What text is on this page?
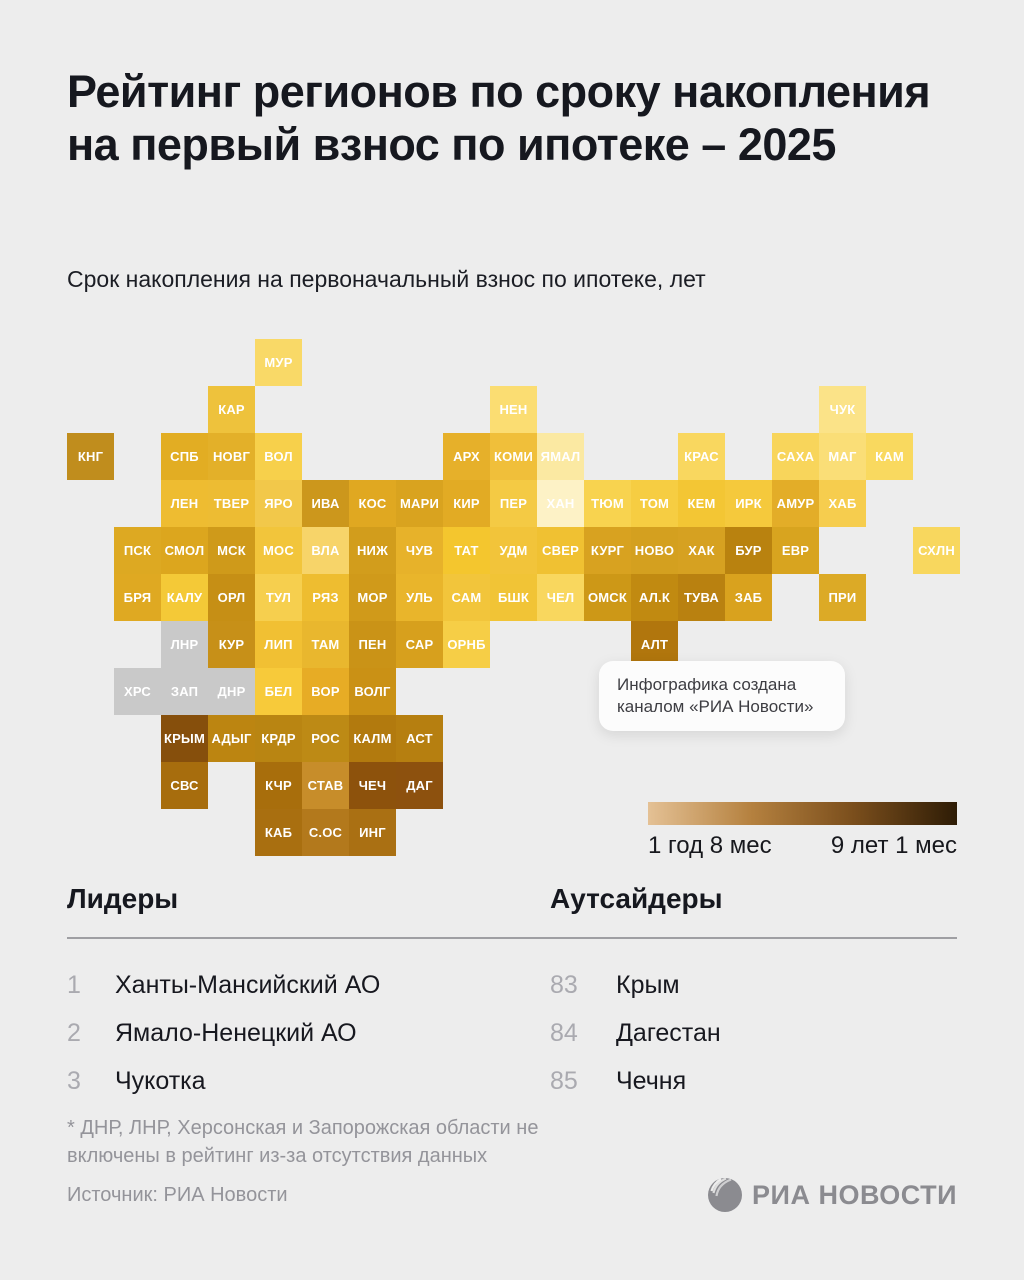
Рейтинг регионов по сроку накопления на первый взнос по ипотеке – 2025
Срок накопления на первоначальный взнос по ипотеке, лет
МУР
КАР	НЕН	ЧУК
КНГ	СПБ	НОВГ	ВОЛ	АРХ	КОМИ ЯМАЛ	КРАС	САХА	МАГ	КАМ
ЛЕН	ТВЕР	ЯРО	ИВА	КОС	МАРИ	КИР	ПЕР	ХАН	ТЮМ	ТОМ	КЕМ	ИРК	АМУР	ХАБ
ПСК	СМОЛ МСК	МОС	ВЛА	НИЖ	ЧУВ	ТАТ	УДМ	СВЕР КУРГ НОВО	ХАК	БУР	ЕВР	СХЛН
БРЯ	КАЛУ	ОРЛ	ТУЛ	РЯЗ	МОР	УЛЬ	САМ	БШК	ЧЕЛ	ОМСК АЛ.К	ТУВА	ЗАБ	ПРИ
ЛНР	КУР	ЛИП	ТАМ	ПЕН	САР	ОРНБ	АЛТ
ХРС	ЗАП	ДНР	БЕЛ	ВОР	ВОЛГ
КРЫМ АДЫГ КРДР	РОС	КАЛМ	АСТ
СВС	КЧР	СТАВ	ЧЕЧ	ДАГ
КАБ	С.ОС	ИНГ
Инфографика создана каналом «РИА Новости»
1 год 8 мес 9 лет 1 мес
Лидеры	Аутсайдеры
1	Ханты-Мансийский АО
2	Ямало-Ненецкий АО
3	Чукотка
83	Крым
84	Дагестан
85	Чечня
* ДНР, ЛНР, Херсонская и Запорожская области не включены в рейтинг из-за отсутствия данных
Источник: РИА Новости	РИА НОВОСТИ
